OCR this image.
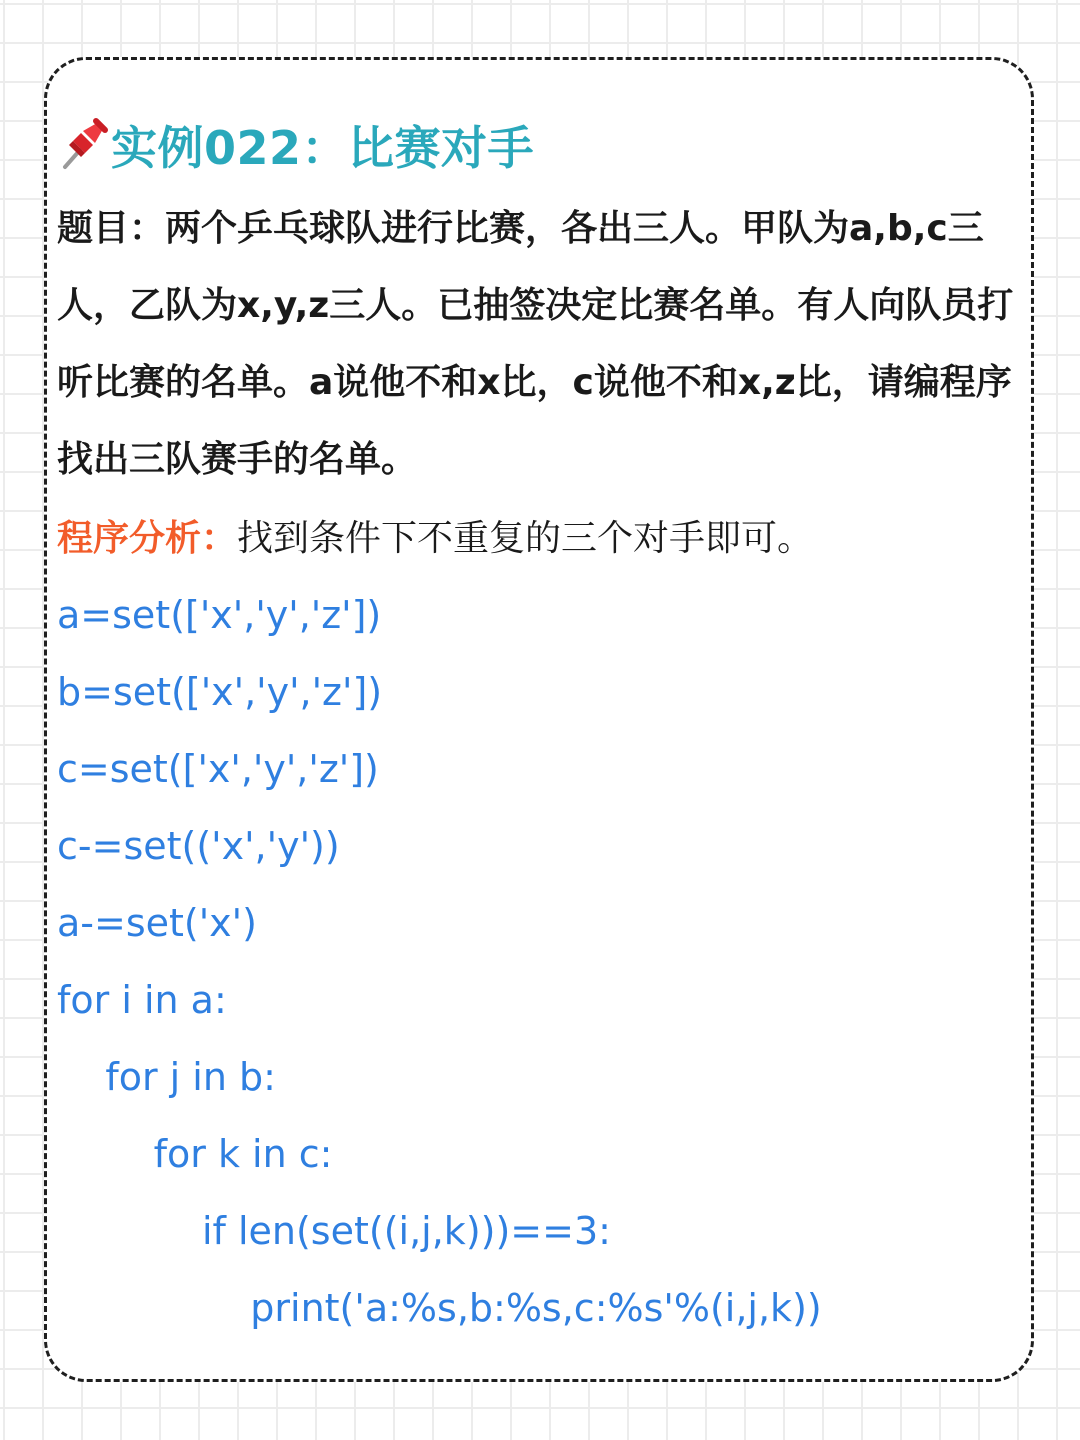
实例022：比赛对手

题目：两个乒乓球队进行比赛，各出三人。甲队为a,b,c三人，乙队为x,y,z三人。已抽签决定比赛名单。有人向队员打听比赛的名单。a说他不和x比，c说他不和x,z比，请编程序找出三队赛手的名单。

程序分析：找到条件下不重复的三个对手即可。
a=set(['x','y','z'])
b=set(['x','y','z'])
c=set(['x','y','z'])
c-=set(('x','y'))
a-=set('x')
for i in a:
for j in b:
for k in c:
if len(set((i,j,k)))==3:
print('a:%s,b:%s,c:%s'%(i,j,k))
